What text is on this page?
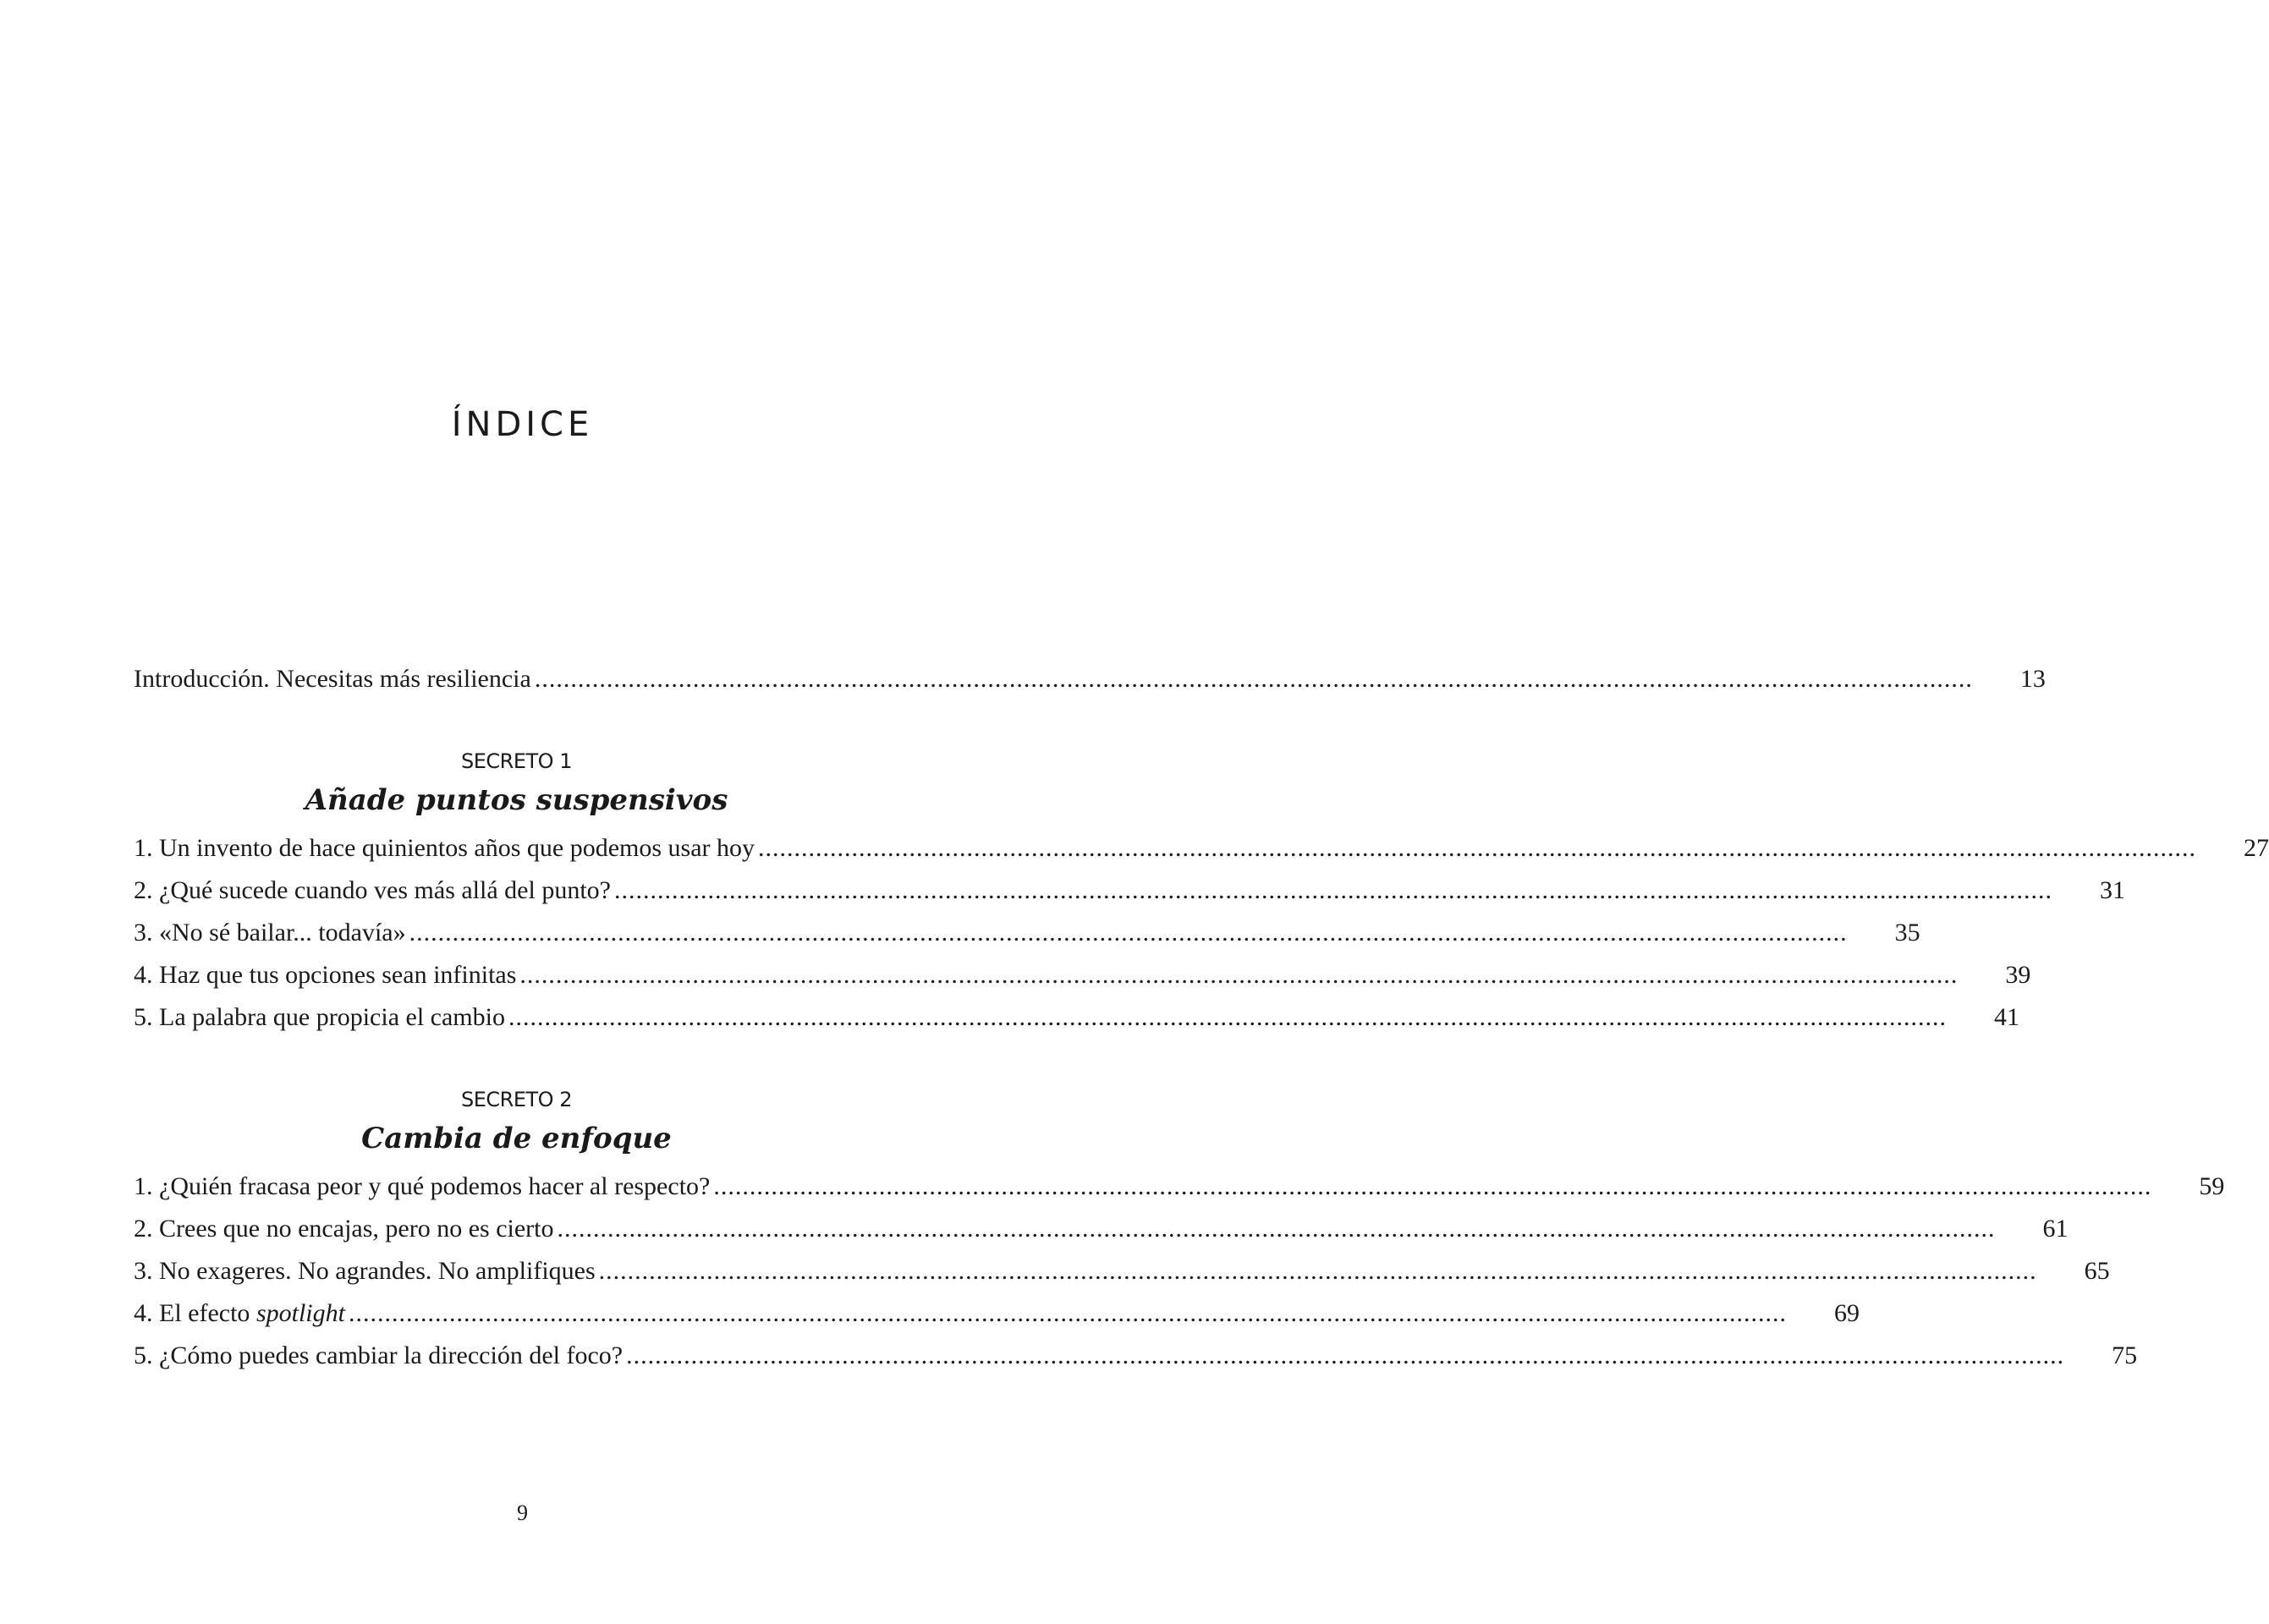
ÍNDICE
Introducción. Necesitas más resiliencia ........................................................................................................................................................................................................	13
SECRETO 1
Añade puntos suspensivos
1. Un invento de hace quinientos años que podemos usar hoy ........................................................................................................................................................................................................	27
2. ¿Qué sucede cuando ves más allá del punto? ........................................................................................................................................................................................................	31
3. «No sé bailar... todavía» ........................................................................................................................................................................................................	35
4. Haz que tus opciones sean infinitas ........................................................................................................................................................................................................	39
5. La palabra que propicia el cambio ........................................................................................................................................................................................................	41
SECRETO 2
Cambia de enfoque
1. ¿Quién fracasa peor y qué podemos hacer al respecto? ........................................................................................................................................................................................................	59
2. Crees que no encajas, pero no es cierto ........................................................................................................................................................................................................	61
3. No exageres. No agrandes. No amplifiques ........................................................................................................................................................................................................	65
4. El efecto spotlight ........................................................................................................................................................................................................	69
5. ¿Cómo puedes cambiar la dirección del foco? ........................................................................................................................................................................................................	75
9
